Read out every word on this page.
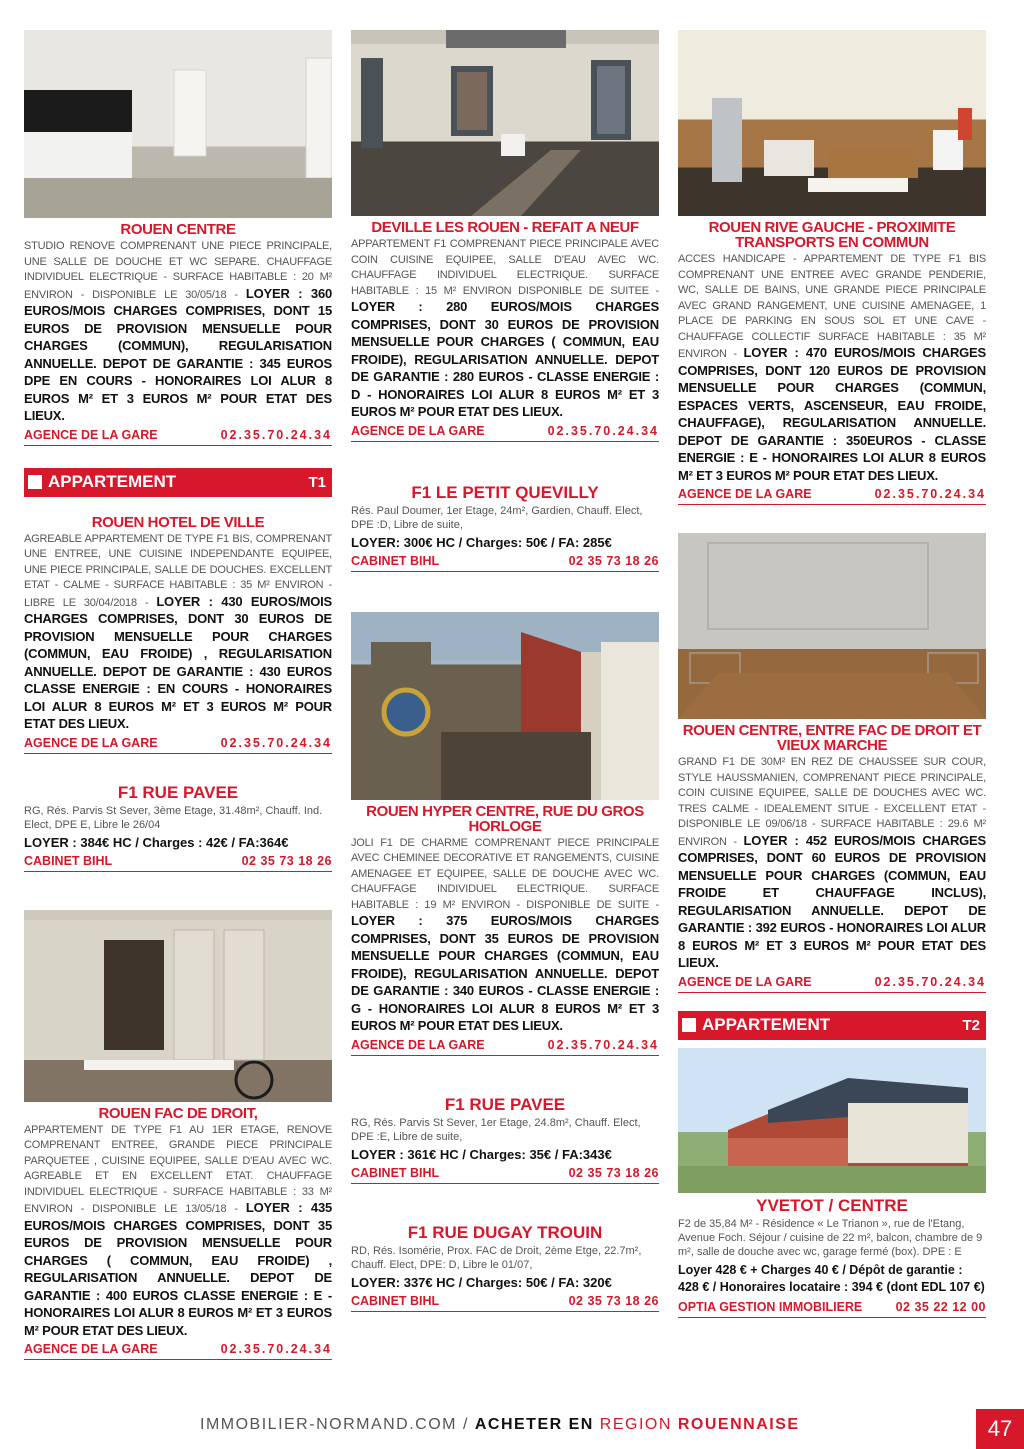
ROUEN CENTRE

STUDIO RENOVE COMPRENANT UNE PIECE PRINCIPALE, UNE SALLE DE DOUCHE ET WC SEPARE. CHAUFFAGE INDIVIDUEL ELECTRIQUE - SURFACE HABITABLE : 20 M² ENVIRON - DISPONIBLE LE 30/05/18 - LOYER : 360 EUROS/MOIS CHARGES COMPRISES, DONT 15 EUROS DE PROVISION MENSUELLE POUR CHARGES (COMMUN), REGULARISATION ANNUELLE. DEPOT DE GARANTIE : 345 EUROS DPE EN COURS - HONORAIRES LOI ALUR 8 EUROS M² ET 3 EUROS M² POUR ETAT DES LIEUX.

AGENCE DE LA GARE	02.35.70.24.34
APPARTEMENT	T1
ROUEN HOTEL DE VILLE

AGREABLE APPARTEMENT DE TYPE F1 BIS, COMPRENANT UNE ENTREE, UNE CUISINE INDEPENDANTE EQUIPEE, UNE PIECE PRINCIPALE, SALLE DE DOUCHES. EXCELLENT ETAT - CALME - SURFACE HABITABLE : 35 M² ENVIRON - LIBRE LE 30/04/2018 - LOYER : 430 EUROS/MOIS CHARGES COMPRISES, DONT 30 EUROS DE PROVISION MENSUELLE POUR CHARGES (COMMUN, EAU FROIDE) , REGULARISATION ANNUELLE. DEPOT DE GARANTIE : 430 EUROS CLASSE ENERGIE : EN COURS - HONORAIRES LOI ALUR 8 EUROS M² ET 3 EUROS M² POUR ETAT DES LIEUX.

AGENCE DE LA GARE	02.35.70.24.34
F1 RUE PAVEE

RG, Rés. Parvis St Sever, 3ème Etage, 31.48m², Chauff. Ind. Elect, DPE E, Libre le 26/04

LOYER : 384€ HC / Charges : 42€ / FA:364€

CABINET BIHL	02 35 73 18 26
ROUEN FAC DE DROIT,

APPARTEMENT DE TYPE F1 AU 1ER ETAGE, RENOVE COMPRENANT ENTREE, GRANDE PIECE PRINCIPALE PARQUETEE , CUISINE EQUIPEE, SALLE D'EAU AVEC WC. AGREABLE ET EN EXCELLENT ETAT. CHAUFFAGE INDIVIDUEL ELECTRIQUE - SURFACE HABITABLE : 33 M² ENVIRON - DISPONIBLE LE 13/05/18 - LOYER : 435 EUROS/MOIS CHARGES COMPRISES, DONT 35 EUROS DE PROVISION MENSUELLE POUR CHARGES ( COMMUN, EAU FROIDE) , REGULARISATION ANNUELLE. DEPOT DE GARANTIE : 400 EUROS CLASSE ENERGIE : E - HONORAIRES LOI ALUR 8 EUROS M² ET 3 EUROS M² POUR ETAT DES LIEUX.

AGENCE DE LA GARE	02.35.70.24.34
DEVILLE LES ROUEN - REFAIT A NEUF

APPARTEMENT F1 COMPRENANT PIECE PRINCIPALE AVEC COIN CUISINE EQUIPEE, SALLE D'EAU AVEC WC. CHAUFFAGE INDIVIDUEL ELECTRIQUE. SURFACE HABITABLE : 15 M² ENVIRON DISPONIBLE DE SUITEE - LOYER : 280 EUROS/MOIS CHARGES COMPRISES, DONT 30 EUROS DE PROVISION MENSUELLE POUR CHARGES ( COMMUN, EAU FROIDE), REGULARISATION ANNUELLE. DEPOT DE GARANTIE : 280 EUROS - CLASSE ENERGIE : D - HONORAIRES LOI ALUR 8 EUROS M² ET 3 EUROS M² POUR ETAT DES LIEUX.

AGENCE DE LA GARE	02.35.70.24.34
F1 LE PETIT QUEVILLY

Rés. Paul Doumer, 1er Etage, 24m², Gardien, Chauff. Elect, DPE :D, Libre de suite,

LOYER: 300€ HC / Charges: 50€ / FA: 285€

CABINET BIHL	02 35 73 18 26
ROUEN HYPER CENTRE, RUE DU GROS HORLOGE

JOLI F1 DE CHARME COMPRENANT PIECE PRINCIPALE AVEC CHEMINEE DECORATIVE ET RANGEMENTS, CUISINE AMENAGEE ET EQUIPEE, SALLE DE DOUCHE AVEC WC. CHAUFFAGE INDIVIDUEL ELECTRIQUE. SURFACE HABITABLE : 19 M² ENVIRON - DISPONIBLE DE SUITE - LOYER : 375 EUROS/MOIS CHARGES COMPRISES, DONT 35 EUROS DE PROVISION MENSUELLE POUR CHARGES (COMMUN, EAU FROIDE), REGULARISATION ANNUELLE. DEPOT DE GARANTIE : 340 EUROS - CLASSE ENERGIE : G - HONORAIRES LOI ALUR 8 EUROS M² ET 3 EUROS M² POUR ETAT DES LIEUX.

AGENCE DE LA GARE	02.35.70.24.34
F1 RUE PAVEE

RG, Rés. Parvis St Sever, 1er Etage, 24.8m², Chauff. Elect, DPE :E, Libre de suite,

LOYER : 361€ HC / Charges: 35€ / FA:343€

CABINET BIHL	02 35 73 18 26
F1 RUE DUGAY TROUIN

RD, Rés. Isomérie, Prox. FAC de Droit, 2ème Etge, 22.7m², Chauff. Elect, DPE: D, Libre le 01/07,

LOYER: 337€ HC / Charges: 50€ / FA: 320€

CABINET BIHL	02 35 73 18 26
ROUEN RIVE GAUCHE - PROXIMITE TRANSPORTS EN COMMUN

ACCES HANDICAPE - APPARTEMENT DE TYPE F1 BIS COMPRENANT UNE ENTREE AVEC GRANDE PENDERIE, WC, SALLE DE BAINS, UNE GRANDE PIECE PRINCIPALE AVEC GRAND RANGEMENT, UNE CUISINE AMENAGEE, 1 PLACE DE PARKING EN SOUS SOL ET UNE CAVE - CHAUFFAGE COLLECTIF SURFACE HABITABLE : 35 M² ENVIRON - LOYER : 470 EUROS/MOIS CHARGES COMPRISES, DONT 120 EUROS DE PROVISION MENSUELLE POUR CHARGES (COMMUN, ESPACES VERTS, ASCENSEUR, EAU FROIDE, CHAUFFAGE), REGULARISATION ANNUELLE. DEPOT DE GARANTIE : 350EUROS - CLASSE ENERGIE : E - HONORAIRES LOI ALUR 8 EUROS M² ET 3 EUROS M² POUR ETAT DES LIEUX.

AGENCE DE LA GARE	02.35.70.24.34
ROUEN CENTRE, ENTRE FAC DE DROIT ET VIEUX MARCHE

GRAND F1 DE 30M² EN REZ DE CHAUSSEE SUR COUR, STYLE HAUSSMANIEN, COMPRENANT PIECE PRINCIPALE, COIN CUISINE EQUIPEE, SALLE DE DOUCHES AVEC WC. TRES CALME - IDEALEMENT SITUE - EXCELLENT ETAT - DISPONIBLE LE 09/06/18 - SURFACE HABITABLE : 29.6 M² ENVIRON - LOYER : 452 EUROS/MOIS CHARGES COMPRISES, DONT 60 EUROS DE PROVISION MENSUELLE POUR CHARGES (COMMUN, EAU FROIDE ET CHAUFFAGE INCLUS), REGULARISATION ANNUELLE. DEPOT DE GARANTIE : 392 EUROS - HONORAIRES LOI ALUR 8 EUROS M² ET 3 EUROS M² POUR ETAT DES LIEUX.

AGENCE DE LA GARE	02.35.70.24.34
APPARTEMENT	T2
YVETOT / CENTRE

F2 de 35,84 M² - Résidence « Le Trianon », rue de l'Etang, Avenue Foch. Séjour / cuisine de 22 m², balcon, chambre de 9 m², salle de douche avec wc, garage fermé (box). DPE : E

Loyer 428 € + Charges 40 € / Dépôt de garantie : 428 € / Honoraires locataire : 394 € (dont EDL 107 €)

OPTIA GESTION IMMOBILIERE	02 35 22 12 00
IMMOBILIER-NORMAND.COM / ACHETER EN REGION ROUENNAISE	47
